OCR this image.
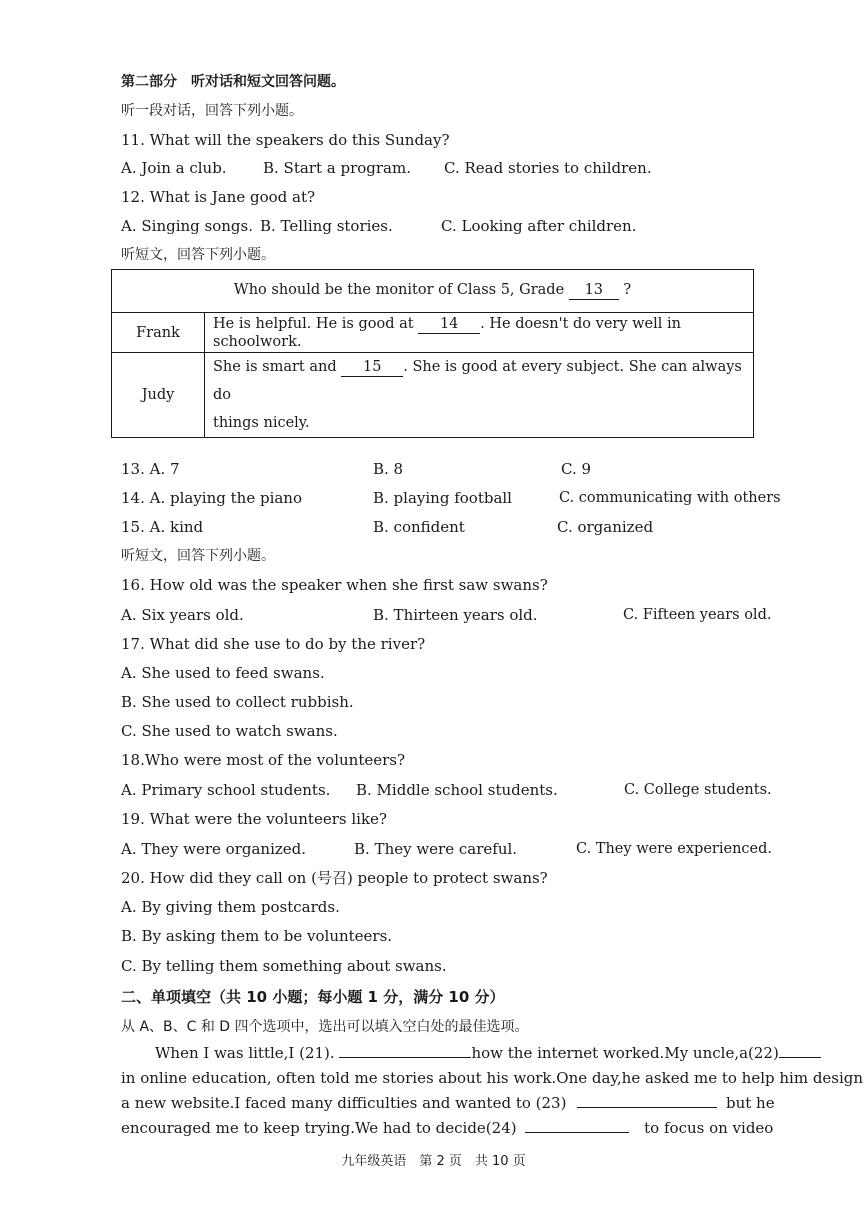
第二部分　听对话和短文回答问题。
听一段对话，回答下列小题。
11. What will the speakers do this Sunday?
A. Join a club. B. Start a program. C. Read stories to children.
12. What is Jane good at?
A. Singing songs. B. Telling stories.	C. Looking after children.
听短文，回答下列小题。
Who should be the monitor of Class 5, Grade 13 ?	
Frank	He is helpful. He is good at 14 . He doesn't do very well in schoolwork.
Judy	She is smart and 15 . She is good at every subject. She can always do
things nicely.
13. A. 7	B. 8	C. 9
14. A. playing the piano	B. playing football	C. communicating with others
15. A. kind	B. confident	C. organized
听短文，回答下列小题。
16. How old was the speaker when she first saw swans?
A. Six years old.	B. Thirteen years old.	C. Fifteen years old.
17. What did she use to do by the river?
A. She used to feed swans.
B. She used to collect rubbish.
C. She used to watch swans.
18.Who were most of the volunteers?
A. Primary school students. B. Middle school students.	C. College students.
19. What were the volunteers like?
A. They were organized.	B. They were careful.	C. They were experienced.
20. How did they call on (号召) people to protect swans?
A. By giving them postcards.
B. By asking them to be volunteers.
C. By telling them something about swans.
二、单项填空（共 10 小题；每小题 1 分，满分 10 分）
从 A、B、C 和 D 四个选项中，选出可以填入空白处的最佳选项。
When I was little,I (21).	how the internet worked.My uncle,a(22)
in online education, often told me stories about his work.One day,he asked me to help him design
a new website.I faced many difficulties and wanted to (23)	but he
encouraged me to keep trying.We had to decide(24)	to focus on video
九年级英语　第 2 页　共 10 页
